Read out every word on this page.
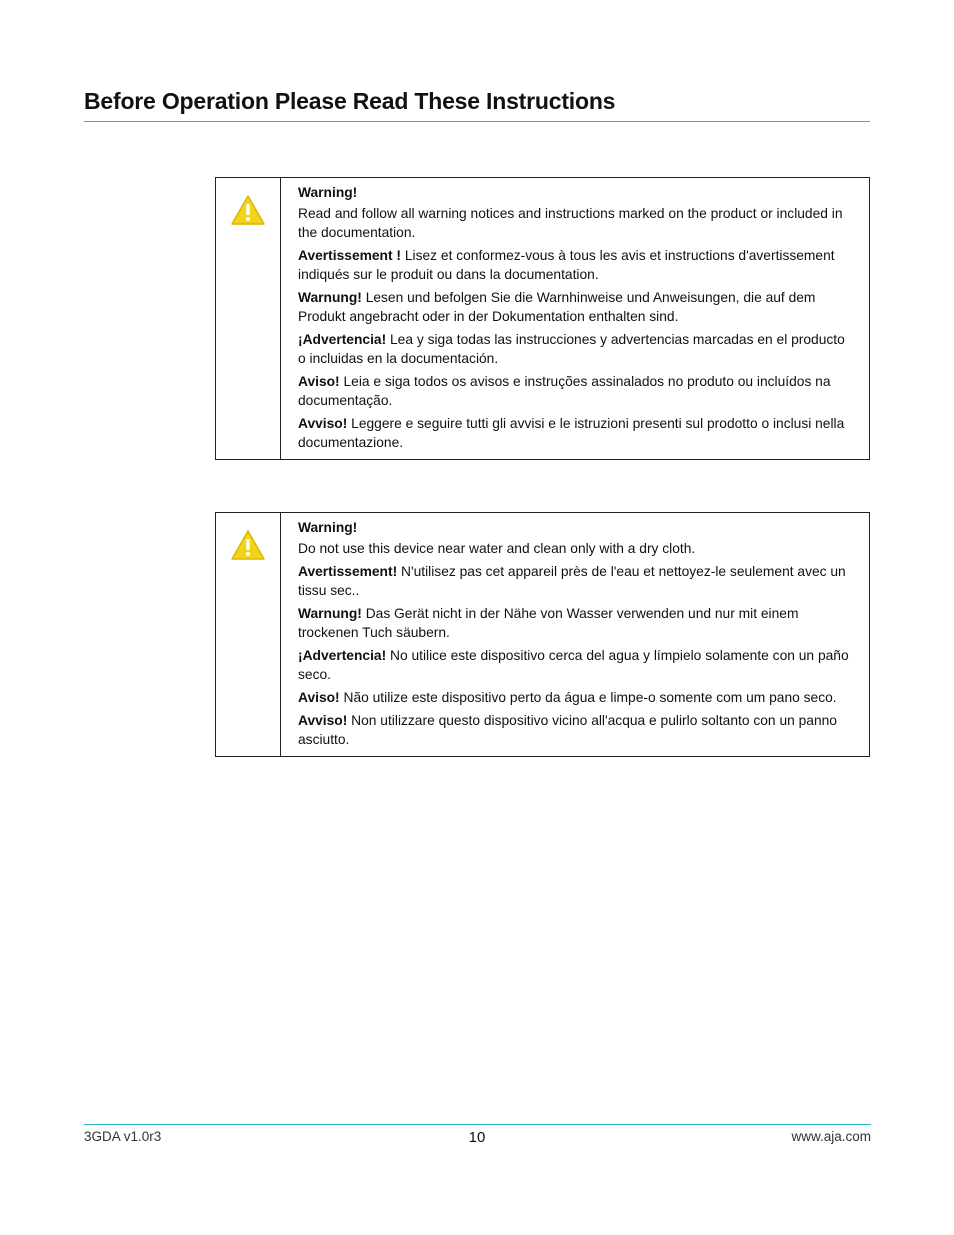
Before Operation Please Read These Instructions
Warning!

Read and follow all warning notices and instructions marked on the product or included in the documentation.

Avertissement ! Lisez et conformez-vous à tous les avis et instructions d'avertissement indiqués sur le produit ou dans la documentation.

Warnung! Lesen und befolgen Sie die Warnhinweise und Anweisungen, die auf dem Produkt angebracht oder in der Dokumentation enthalten sind.

¡Advertencia! Lea y siga todas las instrucciones y advertencias marcadas en el producto o incluidas en la documentación.

Aviso! Leia e siga todos os avisos e instruções assinalados no produto ou incluídos na documentação.

Avviso! Leggere e seguire tutti gli avvisi e le istruzioni presenti sul prodotto o inclusi nella documentazione.

Warning!

Do not use this device near water and clean only with a dry cloth.

Avertissement! N'utilisez pas cet appareil près de l'eau et nettoyez-le seulement avec un tissu sec..

Warnung! Das Gerät nicht in der Nähe von Wasser verwenden und nur mit einem trockenen Tuch säubern.

¡Advertencia! No utilice este dispositivo cerca del agua y límpielo solamente con un paño seco.

Aviso! Não utilize este dispositivo perto da água e limpe-o somente com um pano seco.

Avviso! Non utilizzare questo dispositivo vicino all'acqua e pulirlo soltanto con un panno asciutto.

3GDA v1.0r3	10	www.aja.com
